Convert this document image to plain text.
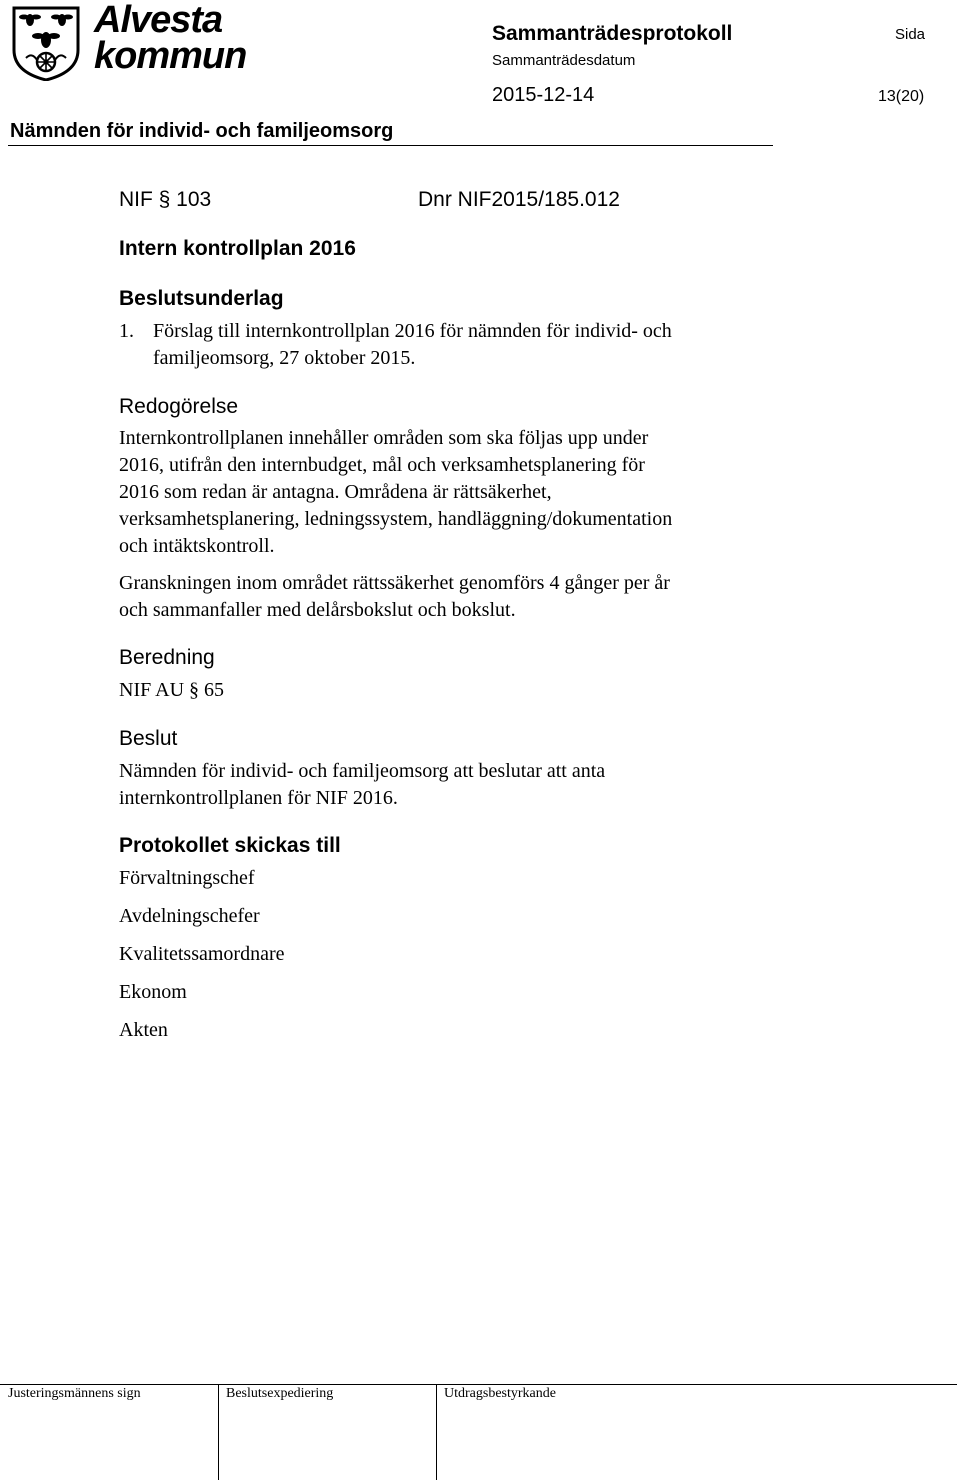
Alvesta
kommun
Sammanträdesprotokoll
Sammanträdesdatum
2015-12-14
Sida
13(20)
Nämnden för individ- och familjeomsorg
NIF § 103	Dnr NIF2015/185.012
Intern kontrollplan 2016
Beslutsunderlag
1. Förslag till internkontrollplan 2016 för nämnden för individ- och
familjeomsorg, 27 oktober 2015.
Redogörelse
Internkontrollplanen innehåller områden som ska följas upp under
2016, utifrån den internbudget, mål och verksamhetsplanering för
2016 som redan är antagna. Områdena är rättsäkerhet,
verksamhetsplanering, ledningssystem, handläggning/dokumentation
och intäktskontroll.
Granskningen inom området rättssäkerhet genomförs 4 gånger per år
och sammanfaller med delårsbokslut och bokslut.
Beredning
NIF AU § 65
Beslut
Nämnden för individ- och familjeomsorg att beslutar att anta
internkontrollplanen för NIF 2016.
Protokollet skickas till
Förvaltningschef
Avdelningschefer
Kvalitetssamordnare
Ekonom
Akten
Justeringsmännens sign	Beslutsexpediering	Utdragsbestyrkande
